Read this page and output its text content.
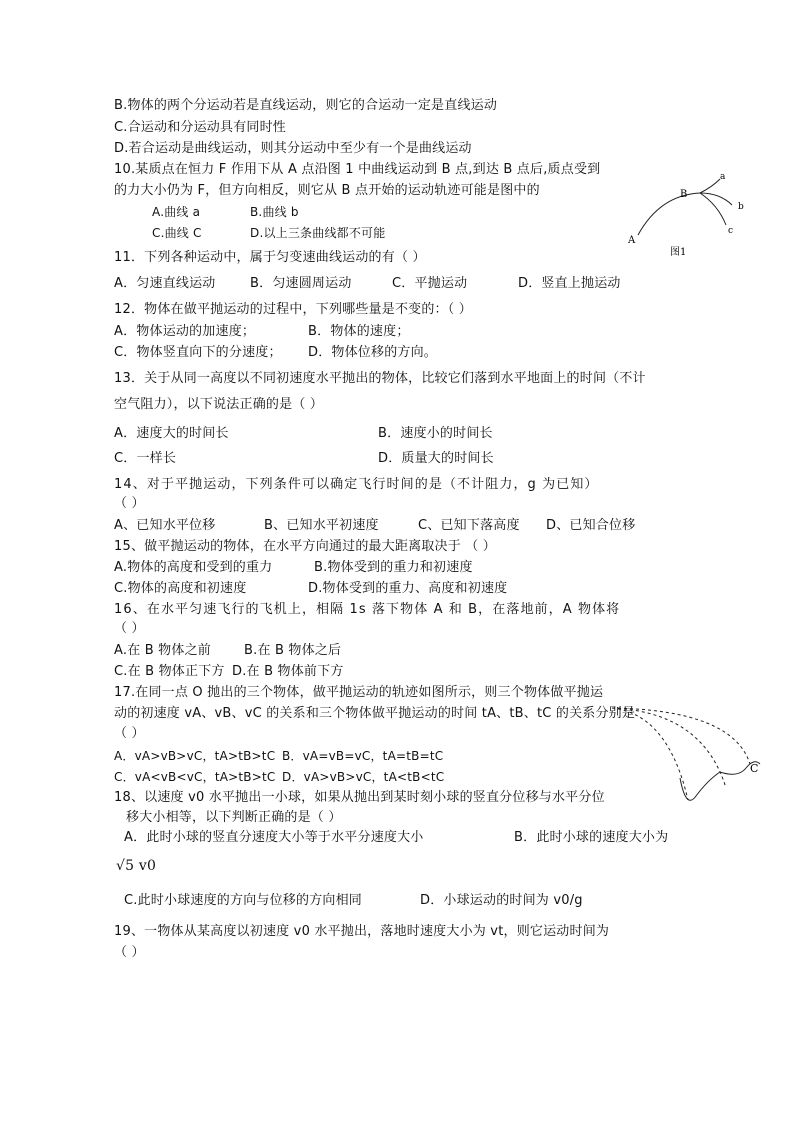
B.物体的两个分运动若是直线运动，则它的合运动一定是直线运动
C.合运动和分运动具有同时性
D.若合运动是曲线运动，则其分运动中至少有一个是曲线运动
10.某质点在恒力 F 作用下从 A 点沿图 1 中曲线运动到 B 点,到达 B 点后,质点受到
的力大小仍为 F，但方向相反，则它从 B 点开始的运动轨迹可能是图中的
A.曲线 a	B.曲线 b
C.曲线 C	D.以上三条曲线都不可能
A
B
a
b
c
图1
11．下列各种运动中，属于匀变速曲线运动的有（ ）
A．匀速直线运动	B．匀速圆周运动	C．平抛运动	D．竖直上抛运动
12．物体在做平抛运动的过程中，下列哪些量是不变的：（ ）
A．物体运动的加速度；	B．物体的速度；
C．物体竖直向下的分速度； D．物体位移的方向。
13．关于从同一高度以不同初速度水平抛出的物体，比较它们落到水平地面上的时间（不计
空气阻力），以下说法正确的是（ ）
A．速度大的时间长	B．速度小的时间长
C．一样长	D．质量大的时间长
14、对于平抛运动，下列条件可以确定飞行时间的是（不计阻力，g 为已知）
（ ）
A、已知水平位移	B、已知水平初速度	C、已知下落高度 D、已知合位移
15、做平抛运动的物体，在水平方向通过的最大距离取决于 （ ）
A.物体的高度和受到的重力	B.物体受到的重力和初速度
C.物体的高度和初速度	D.物体受到的重力、高度和初速度
16、在水平匀速飞行的飞机上，相隔 1s 落下物体 A 和 B，在落地前，A 物体将
（ ）
A.在 B 物体之前	B.在 B 物体之后
C.在 B 物体正下方 D.在 B 物体前下方
17.在同一点 O 抛出的三个物体，做平抛运动的轨迹如图所示，则三个物体做平抛运
动的初速度 vA、vB、vC 的关系和三个物体做平抛运动的时间 tA、tB、tC 的关系分别是
（ ）
A．vA>vB>vC，tA>tB>tC B．vA=vB=vC，tA=tB=tC
C．vA<vB<vC，tA>tB>tC D．vA>vB>vC，tA<tB<tC
C
18、以速度 v0 水平抛出一小球，如果从抛出到某时刻小球的竖直分位移与水平分位
移大小相等，以下判断正确的是（ ）
A．此时小球的竖直分速度大小等于水平分速度大小	B．此时小球的速度大小为
√5 v0
C.此时小球速度的方向与位移的方向相同	D．小球运动的时间为 v0/g
19、一物体从某高度以初速度 v0 水平抛出，落地时速度大小为 vt，则它运动时间为
（ ）
